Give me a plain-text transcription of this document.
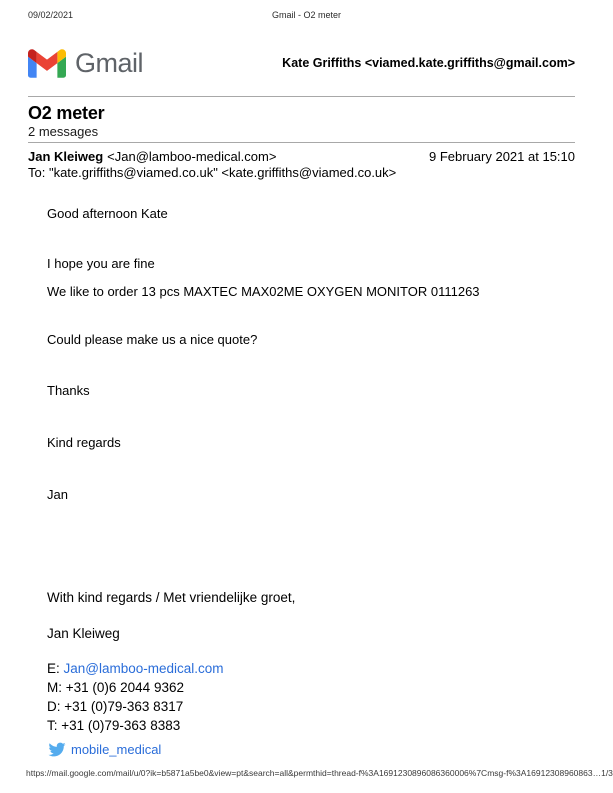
09/02/2021	Gmail - O2 meter
Gmail	Kate Griffiths <viamed.kate.griffiths@gmail.com>
O2 meter
2 messages
Jan Kleiweg <Jan@lamboo-medical.com>	9 February 2021 at 15:10
To: "kate.griffiths@viamed.co.uk" <kate.griffiths@viamed.co.uk>

Good afternoon Kate

I hope you are fine

We like to order 13 pcs MAXTEC MAX02ME OXYGEN MONITOR 0111263

Could please make us a nice quote?

Thanks

Kind regards

Jan

With kind regards / Met vriendelijke groet,
Jan Kleiweg
E: Jan@lamboo-medical.com
M: +31 (0)6 2044 9362
D: +31 (0)79-363 8317
T: +31 (0)79-363 8383
mobile_medical
https://mail.google.com/mail/u/0?ik=b5871a5be0&view=pt&search=all&permthid=thread-f%3A1691230896086360006%7Cmsg-f%3A16912308960863… 1/3
